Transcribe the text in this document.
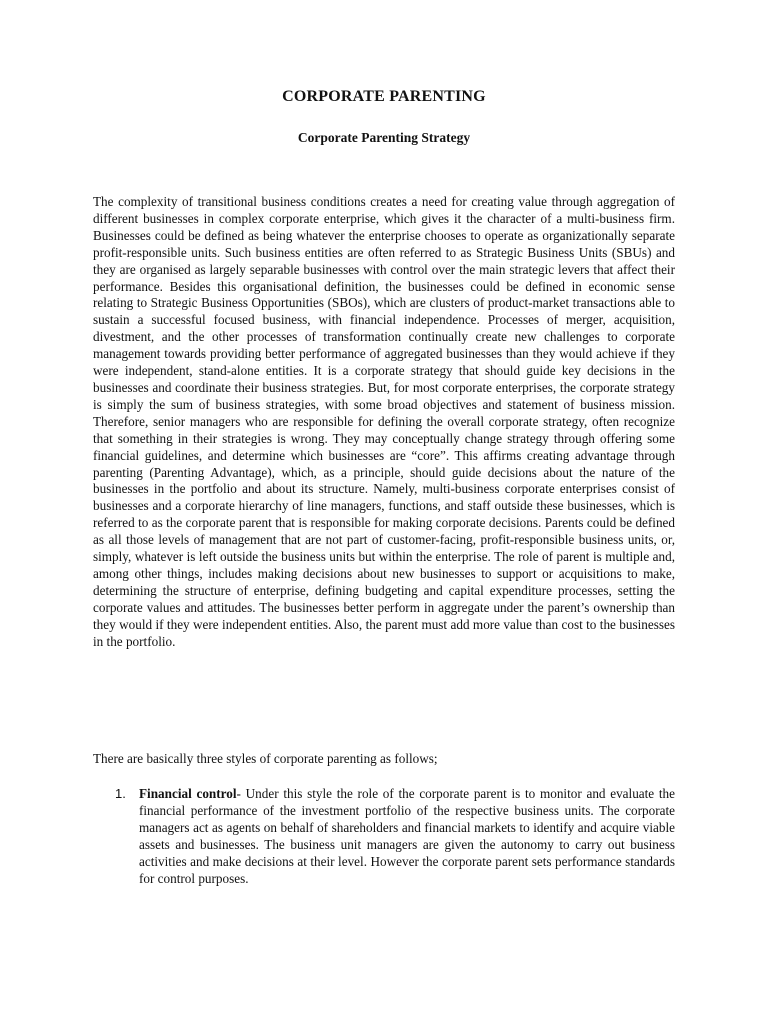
CORPORATE PARENTING
Corporate Parenting Strategy

The complexity of transitional business conditions creates a need for creating value through aggregation of different businesses in complex corporate enterprise, which gives it the character of a multi-business firm. Businesses could be defined as being whatever the enterprise chooses to operate as organizationally separate profit-responsible units. Such business entities are often referred to as Strategic Business Units (SBUs) and they are organised as largely separable businesses with control over the main strategic levers that affect their performance. Besides this organisational definition, the businesses could be defined in economic sense relating to Strategic Business Opportunities (SBOs), which are clusters of product-market transactions able to sustain a successful focused business, with financial independence. Processes of merger, acquisition, divestment, and the other processes of transformation continually create new challenges to corporate management towards providing better performance of aggregated businesses than they would achieve if they were independent, stand-alone entities. It is a corporate strategy that should guide key decisions in the businesses and coordinate their business strategies. But, for most corporate enterprises, the corporate strategy is simply the sum of business strategies, with some broad objectives and statement of business mission. Therefore, senior managers who are responsible for defining the overall corporate strategy, often recognize that something in their strategies is wrong. They may conceptually change strategy through offering some financial guidelines, and determine which businesses are “core”. This affirms creating advantage through parenting (Parenting Advantage), which, as a principle, should guide decisions about the nature of the businesses in the portfolio and about its structure. Namely, multi-business corporate enterprises consist of businesses and a corporate hierarchy of line managers, functions, and staff outside these businesses, which is referred to as the corporate parent that is responsible for making corporate decisions. Parents could be defined as all those levels of management that are not part of customer-facing, profit-responsible business units, or, simply, whatever is left outside the business units but within the enterprise. The role of parent is multiple and, among other things, includes making decisions about new businesses to support or acquisitions to make, determining the structure of enterprise, defining budgeting and capital expenditure processes, setting the corporate values and attitudes. The businesses better perform in aggregate under the parent’s ownership than they would if they were independent entities. Also, the parent must add more value than cost to the businesses in the portfolio.

There are basically three styles of corporate parenting as follows;

1. Financial control- Under this style the role of the corporate parent is to monitor and evaluate the financial performance of the investment portfolio of the respective business units. The corporate managers act as agents on behalf of shareholders and financial markets to identify and acquire viable assets and businesses. The business unit managers are given the autonomy to carry out business activities and make decisions at their level. However the corporate parent sets performance standards for control purposes.
